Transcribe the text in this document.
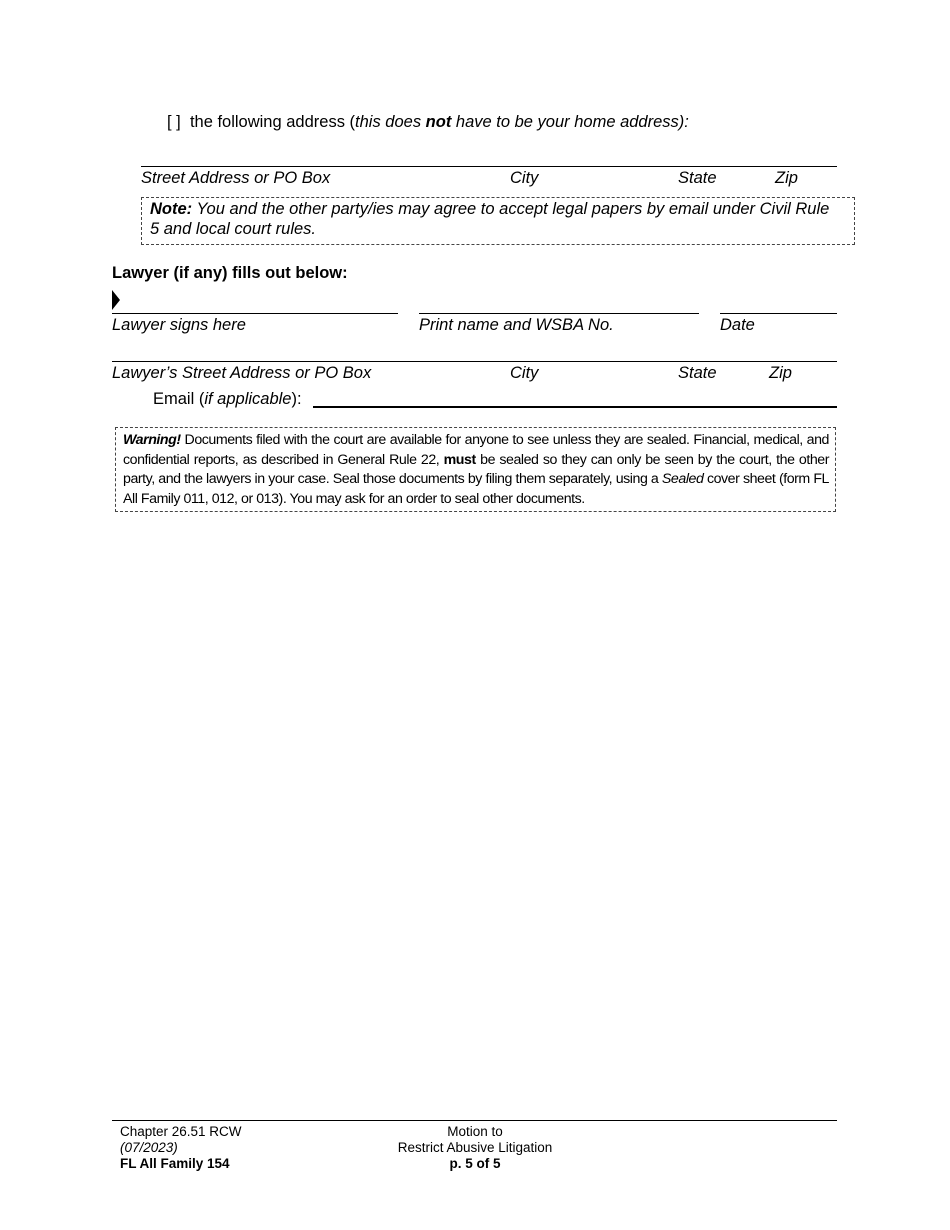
[ ] the following address (this does not have to be your home address):
Street Address or PO Box	City	State	Zip
Note: You and the other party/ies may agree to accept legal papers by email under Civil Rule 5 and local court rules.
Lawyer (if any) fills out below:
Lawyer signs here	Print name and WSBA No.	Date
Lawyer’s Street Address or PO Box	City	State	Zip
Email (if applicable):
Warning! Documents filed with the court are available for anyone to see unless they are sealed. Financial, medical, and confidential reports, as described in General Rule 22, must be sealed so they can only be seen by the court, the other party, and the lawyers in your case. Seal those documents by filing them separately, using a Sealed cover sheet (form FL All Family 011, 012, or 013). You may ask for an order to seal other documents.
Chapter 26.51 RCW
(07/2023)
FL All Family 154
Motion to
Restrict Abusive Litigation
p. 5 of 5
